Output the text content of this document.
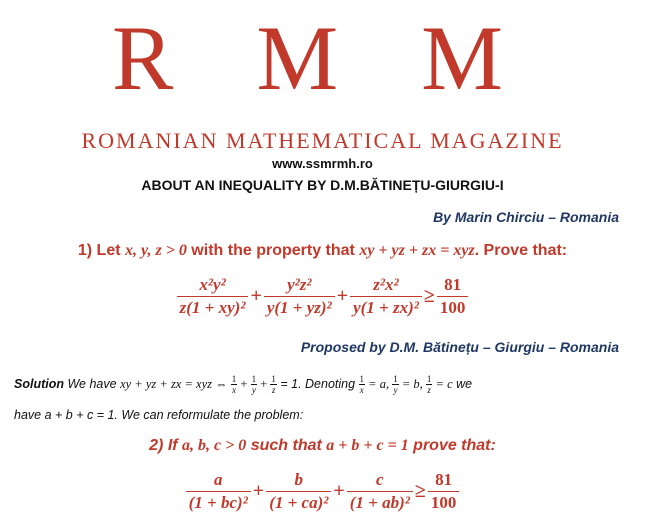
R M M
ROMANIAN MATHEMATICAL MAGAZINE
www.ssmrmh.ro
ABOUT AN INEQUALITY BY D.M.BĂTINEȚU-GIURGIU-I
By Marin Chirciu – Romania
1) Let x, y, z > 0 with the property that xy + yz + zx = xyz. Prove that:
$\frac{\text{x²y²}}{\text{z(1 + xy)²}} + \frac{\text{y²z²}}{\text{y(1 + yz)²}} + \frac{\text{z²x²}}{\text{y(1 + zx)²}} \ge \frac{81}{100}$
Proposed by D.M. Bătinețu – Giurgiu – Romania
Solution We have xy + yz + zx = xyz ⇔ $\frac{1}{x} + \frac{1}{y} + \frac{1}{z} = 1$. Denoting $\frac{1}{x} = a$, $\frac{1}{y} = b$, $\frac{1}{z} = c$ we
have a + b + c = 1. We can reformulate the problem:
2) If a, b, c > 0 such that a + b + c = 1 prove that:
$\frac{a}{\text{(1 + bc)²}} + \frac{b}{\text{(1 + ca)²}} + \frac{c}{\text{(1 + ab)²}} \ge \frac{81}{100}$
